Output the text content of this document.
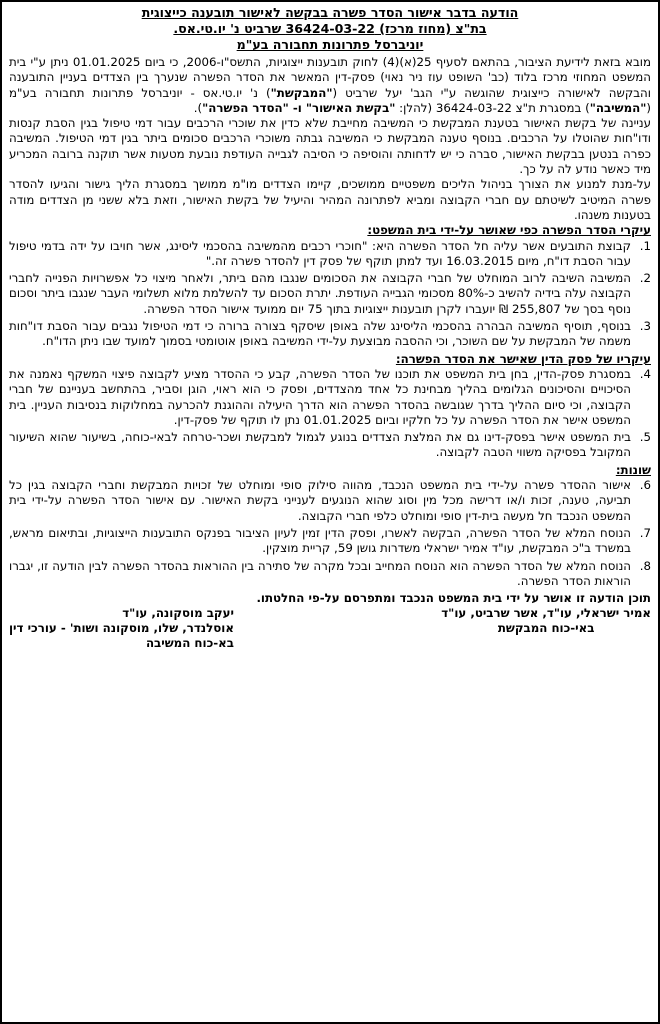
הודעה בדבר אישור הסדר פשרה בבקשה לאישור תובענה כייצוגית

בת"צ (מחוז מרכז) 36424-03-22 שרביט נ' יו.טי.אס.

יוניברסל פתרונות תחבורה בע"מ

מובא בזאת לידיעת הציבור, בהתאם לסעיף 25(א)(4) לחוק תובענות ייצוגיות, התשס"ו-2006, כי ביום 01.01.2025 ניתן ע"י בית המשפט המחוזי מרכז בלוד (כב' השופט עוז ניר נאוי) פסק-דין המאשר את הסדר הפשרה שנערך בין הצדדים בעניין התובענה והבקשה לאישורה כייצוגית שהוגשה ע"י הגב' יעל שרביט ("המבקשת") נ' יו.טי.אס - יוניברסל פתרונות תחבורה בע"מ ("המשיבה") במסגרת ת"צ 36424-03-22 (להלן: "בקשת האישור" ו- "הסדר הפשרה").

עניינה של בקשת האישור בטענת המבקשת כי המשיבה מחייבת שלא כדין את שוכרי הרכבים עבור דמי טיפול בגין הסבת קנסות ודו"חות שהוטלו על הרכבים. בנוסף טענה המבקשת כי המשיבה גבתה משוכרי הרכבים סכומים ביתר בגין דמי הטיפול. המשיבה כפרה בנטען בבקשת האישור, סברה כי יש לדחותה והוסיפה כי הסיבה לגבייה העודפת נובעת מטעות אשר תוקנה ברובה המכריע מיד כאשר נודע לה על כך.

על-מנת למנוע את הצורך בניהול הליכים משפטיים ממושכים, קיימו הצדדים מו"מ ממושך במסגרת הליך גישור והגיעו להסדר פשרה המיטיב לשיטתם עם חברי הקבוצה ומביא לפתרונה המהיר והיעיל של בקשת האישור, וזאת בלא ששני מן הצדדים מודה בטענות משנהו.

עיקרי הסדר הפשרה כפי שאושר על-ידי בית המשפט:

1.
קבוצת התובעים אשר עליה חל הסדר הפשרה היא: "חוכרי רכבים מהמשיבה בהסכמי ליסינג, אשר חויבו על ידה בדמי טיפול עבור הסבת דו"ח, מיום 16.03.2015 ועד למתן תוקף של פסק דין להסדר פשרה זה."
2.
המשיבה השיבה לרוב המוחלט של חברי הקבוצה את הסכומים שנגבו מהם ביתר, ולאחר מיצוי כל אפשרויות הפנייה לחברי הקבוצה עלה בידיה להשיב כ-80% מסכומי הגבייה העודפת. יתרת הסכום עד להשלמת מלוא תשלומי העבר שנגבו ביתר וסכום נוסף בסך של 255,807 ₪ יועברו לקרן תובענות ייצוגיות בתוך 75 יום ממועד אישור הסדר הפשרה.
3.
בנוסף, תוסיף המשיבה הבהרה בהסכמי הליסינג שלה באופן שיסקף בצורה ברורה כי דמי הטיפול נגבים עבור הסבת דו"חות משמה של המבקשת על שם השוכר, וכי ההסבה מבוצעת על-ידי המשיבה באופן אוטומטי בסמוך למועד שבו ניתן הדו"ח.

עיקריו של פסק הדין שאישר את הסדר הפשרה:

4.
במסגרת פסק-הדין, בחן בית המשפט את תוכנו של הסדר הפשרה, קבע כי ההסדר מציע לקבוצה פיצוי המשקף נאמנה את הסיכויים והסיכונים הגלומים בהליך מבחינת כל אחד מהצדדים, ופסק כי הוא ראוי, הוגן וסביר, בהתחשב בעניינם של חברי הקבוצה, וכי סיום ההליך בדרך שגובשה בהסדר הפשרה הוא הדרך היעילה וההוגנת להכרעה במחלוקות בנסיבות העניין. בית המשפט אישר את הסדר הפשרה על כל חלקיו וביום 01.01.2025 נתן לו תוקף של פסק-דין.
5.
בית המשפט אישר בפסק-דינו גם את המלצת הצדדים בנוגע לגמול למבקשת ושכר-טרחה לבאי-כוחה, בשיעור שהוא השיעור המקובל בפסיקה משווי הטבה לקבוצה.

שונות:

6.
אישור ההסדר פשרה על-ידי בית המשפט הנכבד, מהווה סילוק סופי ומוחלט של זכויות המבקשת וחברי הקבוצה בגין כל תביעה, טענה, זכות ו/או דרישה מכל מין וסוג שהוא הנוגעים לענייני בקשת האישור. עם אישור הסדר הפשרה על-ידי בית המשפט הנכבד חל מעשה בית-דין סופי ומוחלט כלפי חברי הקבוצה.
7.
הנוסח המלא של הסדר הפשרה, הבקשה לאשרו, ופסק הדין זמין לעיון הציבור בפנקס התובענות הייצוגיות, ובתיאום מראש, במשרד ב"כ המבקשת, עו"ד אמיר ישראלי משדרות גושן 59, קריית מוצקין.
8.
הנוסח המלא של הסדר הפשרה הוא הנוסח המחייב ובכל מקרה של סתירה בין ההוראות בהסדר הפשרה לבין הודעה זו, יגברו הוראות הסדר הפשרה.

תוכן הודעה זו אושר על ידי בית המשפט הנכבד ומתפרסם על-פי החלטתו.

אמיר ישראלי, עו"ד, אשר שרביט, עו"ד
באי-כוח המבקשת
יעקב מוסקונה, עו"ד
אוסלנדר, שלו, מוסקונה ושות' - עורכי דין
בא-כוח המשיבה
